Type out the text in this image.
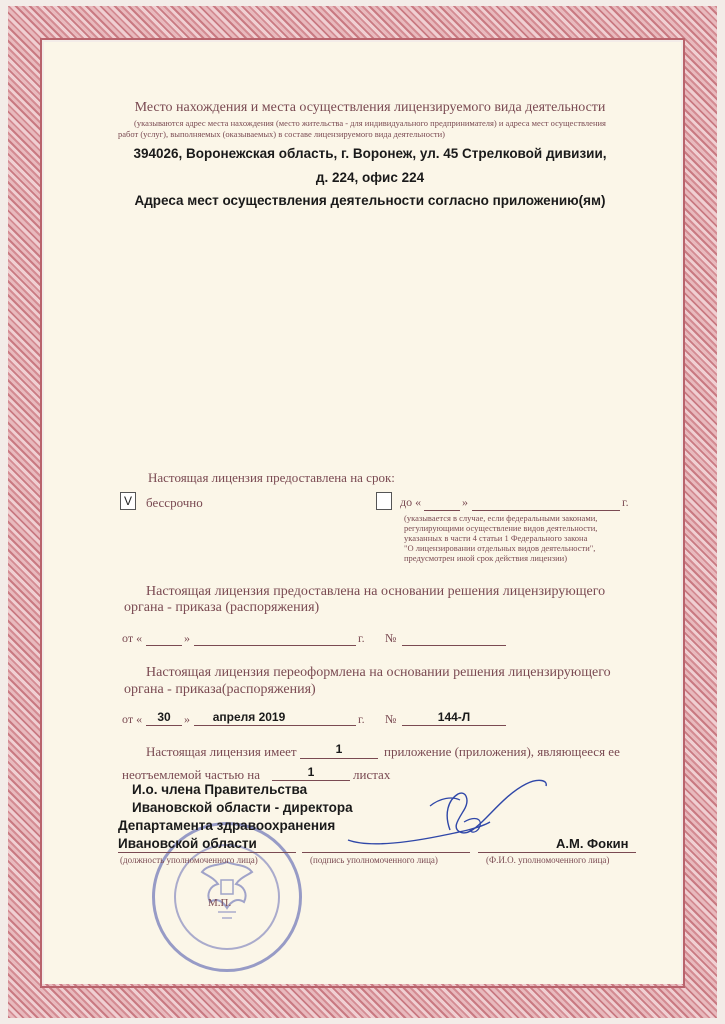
Место нахождения и места осуществления лицензируемого вида деятельности
(указываются адрес места нахождения (место жительства - для индивидуального предпринимателя) и адреса мест осуществления
работ (услуг), выполняемых (оказываемых) в составе лицензируемого вида деятельности)
394026, Воронежская область, г. Воронеж, ул. 45 Стрелковой дивизии,
д. 224, офис 224
Адреса мест осуществления деятельности согласно приложению(ям)
Настоящая лицензия предоставлена на срок:
V	бессрочно	до «	»	г.
(указывается в случае, если федеральными законами,
регулирующими осуществление видов деятельности,
указанных в части 4 статьи 1 Федерального закона
"О лицензировании отдельных видов деятельности",
предусмотрен иной срок действия лицензии)
Настоящая лицензия предоставлена на основании решения лицензирующего
органа - приказа (распоряжения)
от «	»	г. №
Настоящая лицензия переоформлена на основании решения лицензирующего
органа - приказа(распоряжения)
от «	30	»	апреля 2019	г. №	144-Л
Настоящая лицензия имеет	1	приложение (приложения), являющееся ее
неотъемлемой частью на	1	листах
И.о. члена Правительства
Ивановской области - директора
Департамента здравоохранения
Ивановской области	А.М. Фокин
(должность уполномоченного лица)	(подпись уполномоченного лица)	(Ф.И.О. уполномоченного лица)
М.П.
